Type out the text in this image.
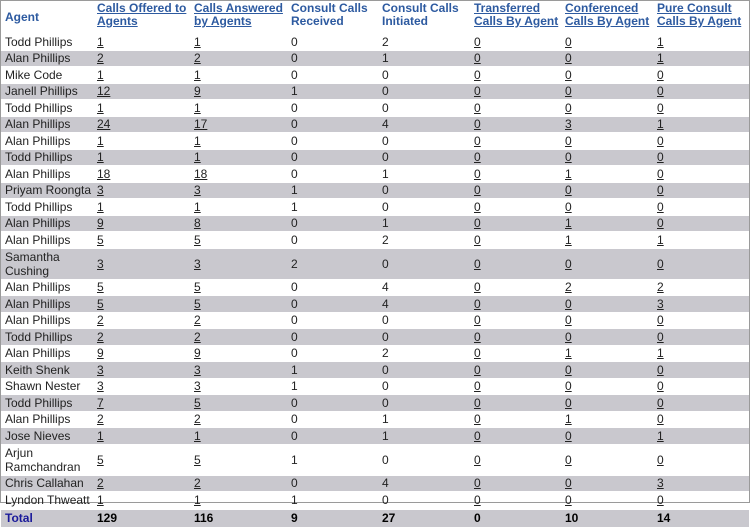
Agent	Calls Offered to Agents	Calls Answered by Agents	Consult Calls Received	Consult Calls Initiated	Transferred Calls By Agent	Conferenced Calls By Agent	Pure Consult Calls By Agent
Todd Phillips	1	1	0	2	0	0	1
Alan Phillips	2	2	0	1	0	0	1
Mike Code	1	1	0	0	0	0	0
Janell Phillips	12	9	1	0	0	0	0
Todd Phillips	1	1	0	0	0	0	0
Alan Phillips	24	17	0	4	0	3	1
Alan Phillips	1	1	0	0	0	0	0
Todd Phillips	1	1	0	0	0	0	0
Alan Phillips	18	18	0	1	0	1	0
Priyam Roongta	3	3	1	0	0	0	0
Todd Phillips	1	1	1	0	0	0	0
Alan Phillips	9	8	0	1	0	1	0
Alan Phillips	5	5	0	2	0	1	1
Samantha Cushing	3	3	2	0	0	0	0
Alan Phillips	5	5	0	4	0	2	2
Alan Phillips	5	5	0	4	0	0	3
Alan Phillips	2	2	0	0	0	0	0
Todd Phillips	2	2	0	0	0	0	0
Alan Phillips	9	9	0	2	0	1	1
Keith Shenk	3	3	1	0	0	0	0
Shawn Nester	3	3	1	0	0	0	0
Todd Phillips	7	5	0	0	0	0	0
Alan Phillips	2	2	0	1	0	1	0
Jose Nieves	1	1	0	1	0	0	1
Arjun Ramchandran	5	5	1	0	0	0	0
Chris Callahan	2	2	0	4	0	0	3
Lyndon Thweatt	1	1	1	0	0	0	0
Total	129	116	9	27	0	10	14
